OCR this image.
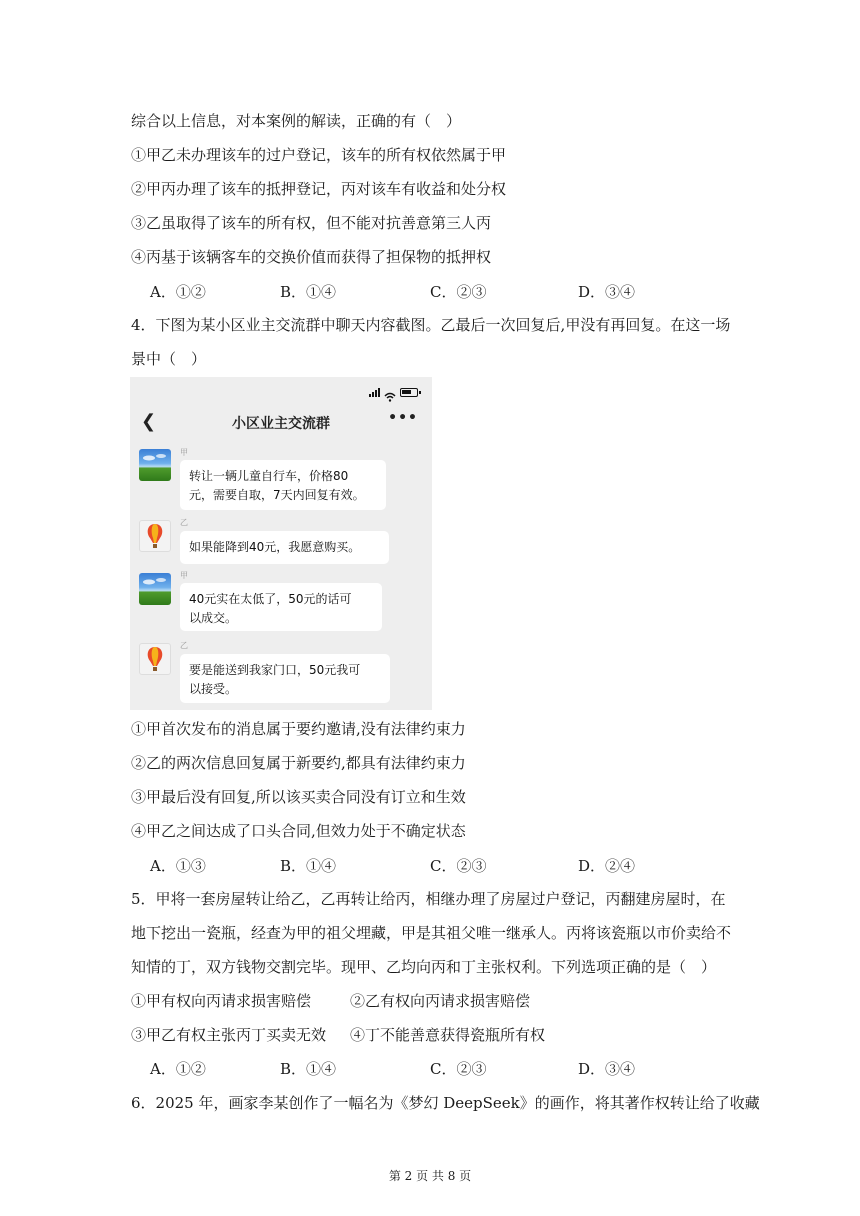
综合以上信息，对本案例的解读，正确的有（　）
①甲乙未办理该车的过户登记，该车的所有权依然属于甲
②甲丙办理了该车的抵押登记，丙对该车有收益和处分权
③乙虽取得了该车的所有权，但不能对抗善意第三人丙
④丙基于该辆客车的交换价值而获得了担保物的抵押权
A．①②	B．①④	C．②③	D．③④
4．下图为某小区业主交流群中聊天内容截图。乙最后一次回复后,甲没有再回复。在这一场
景中（　）
❮	小区业主交流群	•••
甲
转让一辆儿童自行车，价格80
元，需要自取，7天内回复有效。
乙
如果能降到40元，我愿意购买。
甲
40元实在太低了，50元的话可
以成交。
乙
要是能送到我家门口，50元我可
以接受。
①甲首次发布的消息属于要约邀请,没有法律约束力
②乙的两次信息回复属于新要约,都具有法律约束力
③甲最后没有回复,所以该买卖合同没有订立和生效
④甲乙之间达成了口头合同,但效力处于不确定状态
A．①③	B．①④	C．②③	D．②④
5．甲将一套房屋转让给乙，乙再转让给丙，相继办理了房屋过户登记，丙翻建房屋时，在
地下挖出一瓷瓶，经查为甲的祖父埋藏，甲是其祖父唯一继承人。丙将该瓷瓶以市价卖给不
知情的丁，双方钱物交割完毕。现甲、乙均向丙和丁主张权利。下列选项正确的是（　）
①甲有权向丙请求损害赔偿	②乙有权向丙请求损害赔偿
③甲乙有权主张丙丁买卖无效 ④丁不能善意获得瓷瓶所有权
A．①②	B．①④	C．②③	D．③④
6．2025 年，画家李某创作了一幅名为《梦幻 DeepSeek》的画作，将其著作权转让给了收藏
第 2 页 共 8 页
